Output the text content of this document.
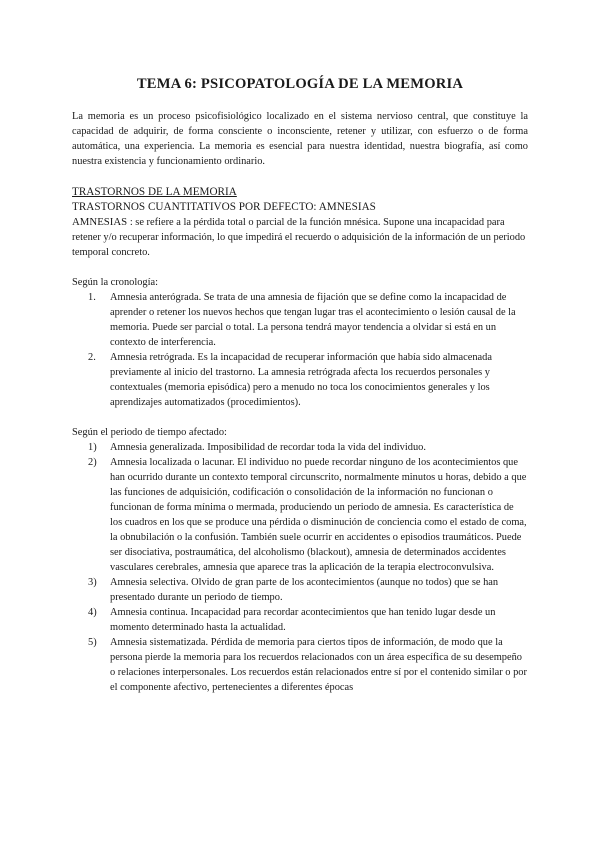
TEMA 6: PSICOPATOLOGÍA DE LA MEMORIA

La memoria es un proceso psicofisiológico localizado en el sistema nervioso central, que constituye la capacidad de adquirir, de forma consciente o inconsciente, retener y utilizar, con esfuerzo o de forma automática, una experiencia. La memoria es esencial para nuestra identidad, nuestra biografía, así como nuestra existencia y funcionamiento ordinario.

TRASTORNOS DE LA MEMORIA
TRASTORNOS CUANTITATIVOS POR DEFECTO: AMNESIAS

AMNESIAS : se refiere a la pérdida total o parcial de la función mnésica. Supone una incapacidad para retener y/o recuperar información, lo que impedirá el recuerdo o adquisición de la información de un periodo temporal concreto.

Según la cronología:

1. Amnesia anterógrada. Se trata de una amnesia de fijación que se define como la incapacidad de aprender o retener los nuevos hechos que tengan lugar tras el acontecimiento o lesión causal de la memoria. Puede ser parcial o total. La persona tendrá mayor tendencia a olvidar si está en un contexto de interferencia.
2. Amnesia retrógrada. Es la incapacidad de recuperar información que había sido almacenada previamente al inicio del trastorno. La amnesia retrógrada afecta los recuerdos personales y contextuales (memoria episódica) pero a menudo no toca los conocimientos generales y los aprendizajes automatizados (procedimientos).

Según el periodo de tiempo afectado:

1) Amnesia generalizada. Imposibilidad de recordar toda la vida del individuo.
2) Amnesia localizada o lacunar. El individuo no puede recordar ninguno de los acontecimientos que han ocurrido durante un contexto temporal circunscrito, normalmente minutos u horas, debido a que las funciones de adquisición, codificación o consolidación de la información no funcionan o funcionan de forma mínima o mermada, produciendo un periodo de amnesia. Es característica de los cuadros en los que se produce una pérdida o disminución de conciencia como el estado de coma, la obnubilación o la confusión. También suele ocurrir en accidentes o episodios traumáticos. Puede ser disociativa, postraumática, del alcoholismo (blackout), amnesia de determinados accidentes vasculares cerebrales, amnesia que aparece tras la aplicación de la terapia electroconvulsiva.
3) Amnesia selectiva. Olvido de gran parte de los acontecimientos (aunque no todos) que se han presentado durante un periodo de tiempo.
4) Amnesia continua. Incapacidad para recordar acontecimientos que han tenido lugar desde un momento determinado hasta la actualidad.
5) Amnesia sistematizada. Pérdida de memoria para ciertos tipos de información, de modo que la persona pierde la memoria para los recuerdos relacionados con un área específica de su desempeño o relaciones interpersonales. Los recuerdos están relacionados entre sí por el contenido similar o por el componente afectivo, pertenecientes a diferentes épocas
